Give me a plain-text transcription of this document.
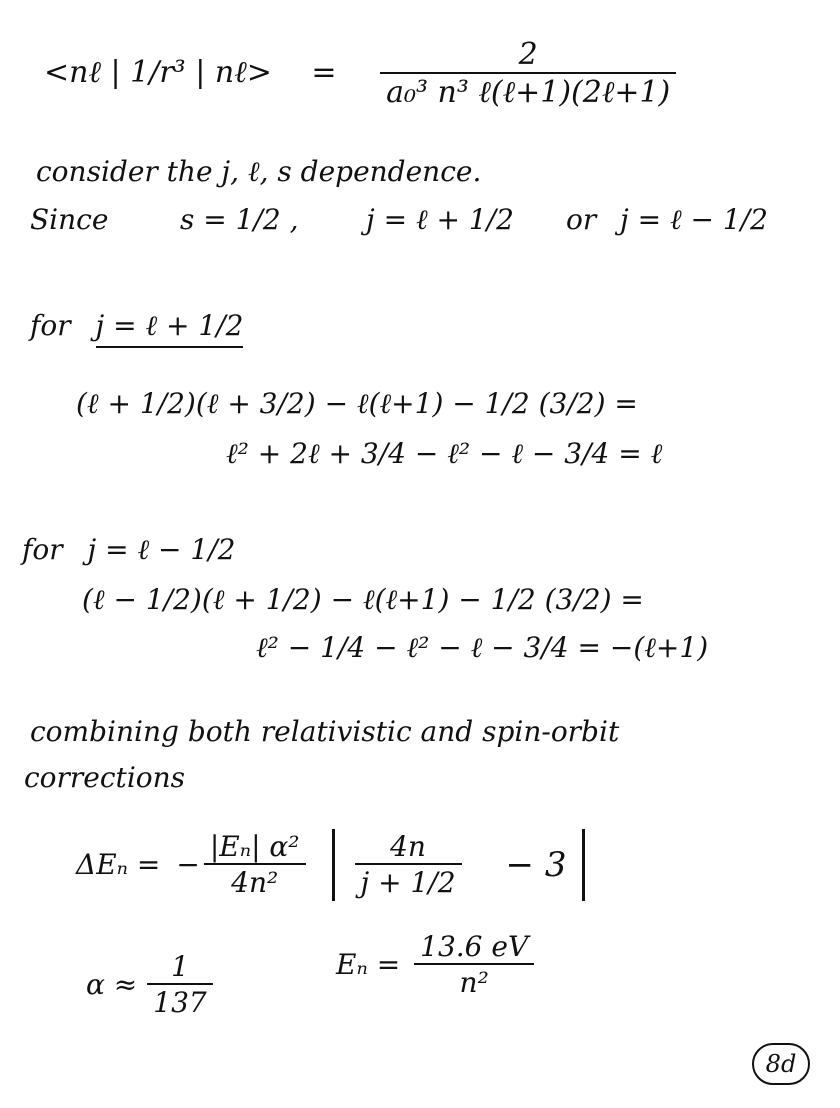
<nℓ | 1/r³ | nℓ> = $\frac{2}{\text{a₀³ n³ ℓ(ℓ+1)(2ℓ+1)}}$
consider the j, ℓ, s dependence.
Since	s = 1/2 , j = ℓ + 1/2 or j = ℓ − 1/2
for j = ℓ + 1/2
(ℓ + 1/2)(ℓ + 3/2) − ℓ(ℓ+1) − 1/2 (3/2) =
ℓ² + 2ℓ + 3/4 − ℓ² − ℓ − 3/4 = ℓ
for j = ℓ − 1/2
(ℓ − 1/2)(ℓ + 1/2) − ℓ(ℓ+1) − 1/2 (3/2) =
ℓ² − 1/4 − ℓ² − ℓ − 3/4 = −(ℓ+1)
combining both relativistic and spin-orbit
corrections
ΔEₙ = − $\frac{\text{|Eₙ| α²}}{\text{4n²}} \frac{4n}{j + 1/2} - 3$
$\alpha \approx \frac{1}{137}$	$E_n = \frac{13.6 eV}{\text{n²}}$
8d
